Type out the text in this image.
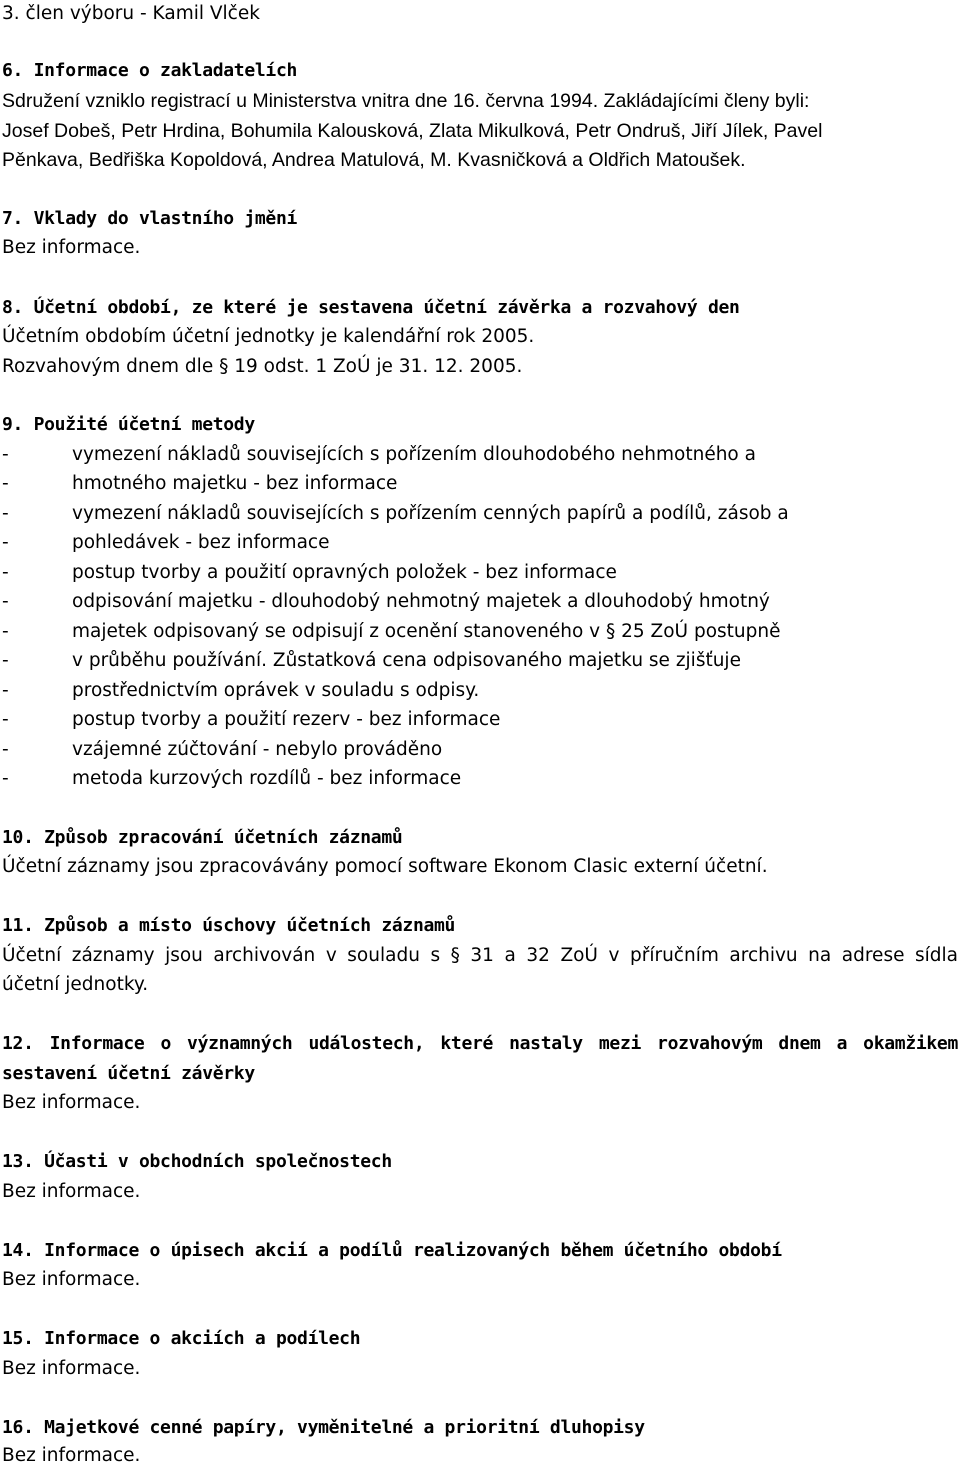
3. člen výboru - Kamil Vlček
6. Informace o zakladatelích
Sdružení vzniklo registrací u Ministerstva vnitra dne 16. června 1994. Zakládajícími členy byli:
Josef Dobeš, Petr Hrdina, Bohumila Kalousková, Zlata Mikulková, Petr Ondruš, Jiří Jílek, Pavel
Pěnkava, Bedřiška Kopoldová, Andrea Matulová, M. Kvasničková a Oldřich Matoušek.
7. Vklady do vlastního jmění
Bez informace.
8. Účetní období, ze které je sestavena účetní závěrka a rozvahový den
Účetním obdobím účetní jednotky je kalendářní rok 2005.
Rozvahovým dnem dle § 19 odst. 1 ZoÚ je 31. 12. 2005.
9. Použité účetní metody
-	vymezení nákladů souvisejících s pořízením dlouhodobého nehmotného a
-	hmotného majetku - bez informace
-	vymezení nákladů souvisejících s pořízením cenných papírů a podílů, zásob a
-	pohledávek - bez informace
-	postup tvorby a použití opravných položek - bez informace
-	odpisování majetku - dlouhodobý nehmotný majetek a dlouhodobý hmotný
-	majetek odpisovaný se odpisují z ocenění stanoveného v § 25 ZoÚ postupně
-	v průběhu používání. Zůstatková cena odpisovaného majetku se zjišťuje
-	prostřednictvím oprávek v souladu s odpisy.
-	postup tvorby a použití rezerv - bez informace
-	vzájemné zúčtování - nebylo prováděno
-	metoda kurzových rozdílů - bez informace
10. Způsob zpracování účetních záznamů
Účetní záznamy jsou zpracovávány pomocí software Ekonom Clasic externí účetní.
11. Způsob a místo úschovy účetních záznamů
Účetní záznamy jsou archivován v souladu s § 31 a 32 ZoÚ v příručním archivu na adrese sídla
účetní jednotky.
12. Informace o významných událostech, které nastaly mezi rozvahovým dnem a okamžikem
sestavení účetní závěrky
Bez informace.
13. Účasti v obchodních společnostech
Bez informace.
14. Informace o úpisech akcií a podílů realizovaných během účetního období
Bez informace.
15. Informace o akciích a podílech
Bez informace.
16. Majetkové cenné papíry, vyměnitelné a prioritní dluhopisy
Bez informace.
